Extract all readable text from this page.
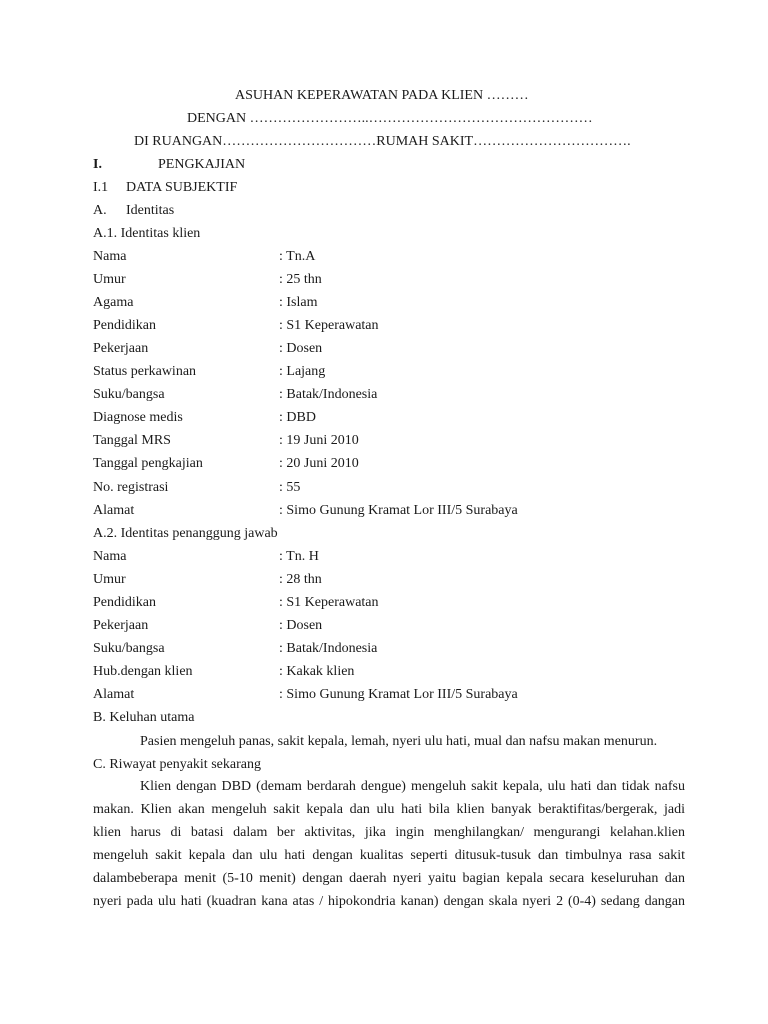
ASUHAN KEPERAWATAN PADA KLIEN ………
DENGAN ……………………..…………………………………………
DI RUANGAN……………………………RUMAH SAKIT…………………………….
I.	PENGKAJIAN
I.1 DATA SUBJEKTIF
A. Identitas
A.1. Identitas klien
Nama	: Tn.A
Umur	: 25 thn
Agama	: Islam
Pendidikan	: S1 Keperawatan
Pekerjaan	: Dosen
Status perkawinan	: Lajang
Suku/bangsa	: Batak/Indonesia
Diagnose medis	: DBD
Tanggal MRS	: 19 Juni 2010
Tanggal pengkajian	: 20 Juni 2010
No. registrasi	: 55
Alamat	: Simo Gunung Kramat Lor III/5 Surabaya
A.2. Identitas penanggung jawab
Nama	: Tn. H
Umur	: 28 thn
Pendidikan	: S1 Keperawatan
Pekerjaan	: Dosen
Suku/bangsa	: Batak/Indonesia
Hub.dengan klien	: Kakak klien
Alamat	: Simo Gunung Kramat Lor III/5 Surabaya
B. Keluhan utama
Pasien mengeluh panas, sakit kepala, lemah, nyeri ulu hati, mual dan nafsu makan menurun.
C. Riwayat penyakit sekarang
Klien dengan DBD (demam berdarah dengue) mengeluh sakit kepala, ulu hati dan tidak nafsu
makan. Klien akan mengeluh sakit kepala dan ulu hati bila klien banyak beraktifitas/bergerak, jadi
klien harus di batasi dalam ber aktivitas, jika ingin menghilangkan/ mengurangi kelahan.klien
mengeluh sakit kepala dan ulu hati dengan kualitas seperti ditusuk-tusuk dan timbulnya rasa sakit
dalambeberapa menit (5-10 menit) dengan daerah nyeri yaitu bagian kepala secara keseluruhan dan
nyeri pada ulu hati (kuadran kana atas / hipokondria kanan) dengan skala nyeri 2 (0-4) sedang dangan
